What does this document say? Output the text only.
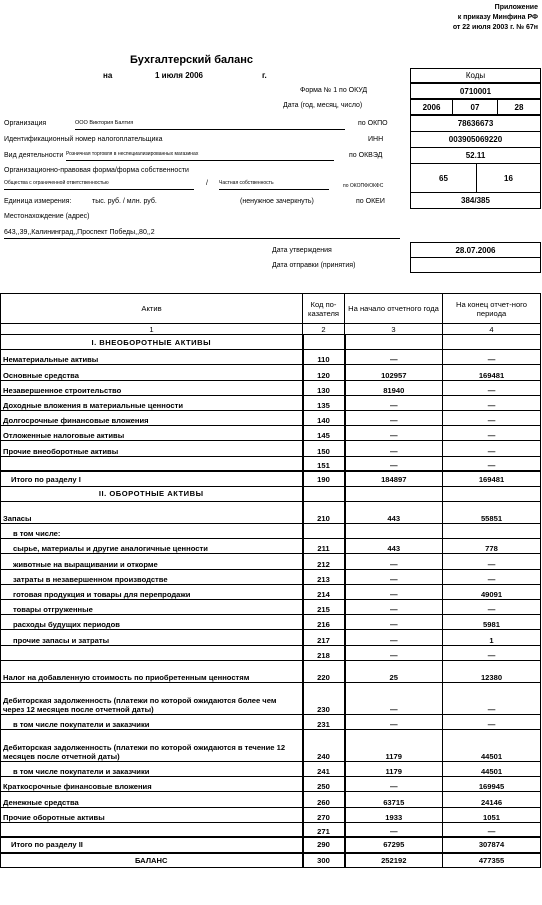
Приложение
к приказу Минфина РФ
от 22 июля 2003 г. № 67н
Бухгалтерский баланс
на	1 июля 2006	г.	Коды
Форма № 1 по ОКУД	0710001
Дата (год, месяц, число)	2006	07	28
Организация	ООО Виктория Балтия	по ОКПО	78636673
Идентификационный номер налогоплательщика	ИНН	003905069220
Вид деятельности Розничная торговля в неспециализированных магазинах	по ОКВЭД	52.11
Организационно-правовая форма/форма собственности
Общества с ограниченной ответственностью	/ Частная собственность	по ОКОПФ/ОКФС
65	16
Единица измерения:	тыс. руб. / млн. руб.	(ненужное зачеркнуть)	по ОКЕИ	384/385
Местонахождение (адрес)
643,,39,,Калининград,,Проспект Победы,,80,,2
Дата утверждения	28.07.2006
Дата отправки (принятия)
Актив	Код по-казателя	На начало отчетного года	На конец отчет-ного периода
1	2	3	4
I. ВНЕОБОРОТНЫЕ АКТИВЫ			
Нематериальные активы	110	—	—
Основные средства	120	102957	169481
Незавершенное строительство	130	81940	—
Доходные вложения в материальные ценности	135	—	—
Долгосрочные финансовые вложения	140	—	—
Отложенные налоговые активы	145	—	—
Прочие внеоборотные активы	150	—	—
	151	—	—
Итого по разделу I	190	184897	169481
II. ОБОРОТНЫЕ АКТИВЫ			
Запасы	210	443	55851
в том числе:			
сырье, материалы и другие аналогичные ценности	211	443	778
животные на выращивании и откорме	212	—	—
затраты в незавершенном производстве	213	—	—
готовая продукция и товары для перепродажи	214	—	49091
товары отгруженные	215	—	—
расходы будущих периодов	216	—	5981
прочие запасы и затраты	217	—	1
	218	—	—
Налог на добавленную стоимость по приобретенным ценностям	220	25	12380
Дебиторская задолженность (платежи по которой ожидаются более чем через 12 месяцев после отчетной даты)	230	—	—
в том числе покупатели и заказчики	231	—	—
Дебиторская задолженность (платежи по которой ожидаются в течение 12 месяцев после отчетной даты)	240	1179	44501
в том числе покупатели и заказчики	241	1179	44501
Краткосрочные финансовые вложения	250	—	169945
Денежные средства	260	63715	24146
Прочие оборотные активы	270	1933	1051
	271	—	—
Итого по разделу II	290	67295	307874
БАЛАНС	300	252192	477355
